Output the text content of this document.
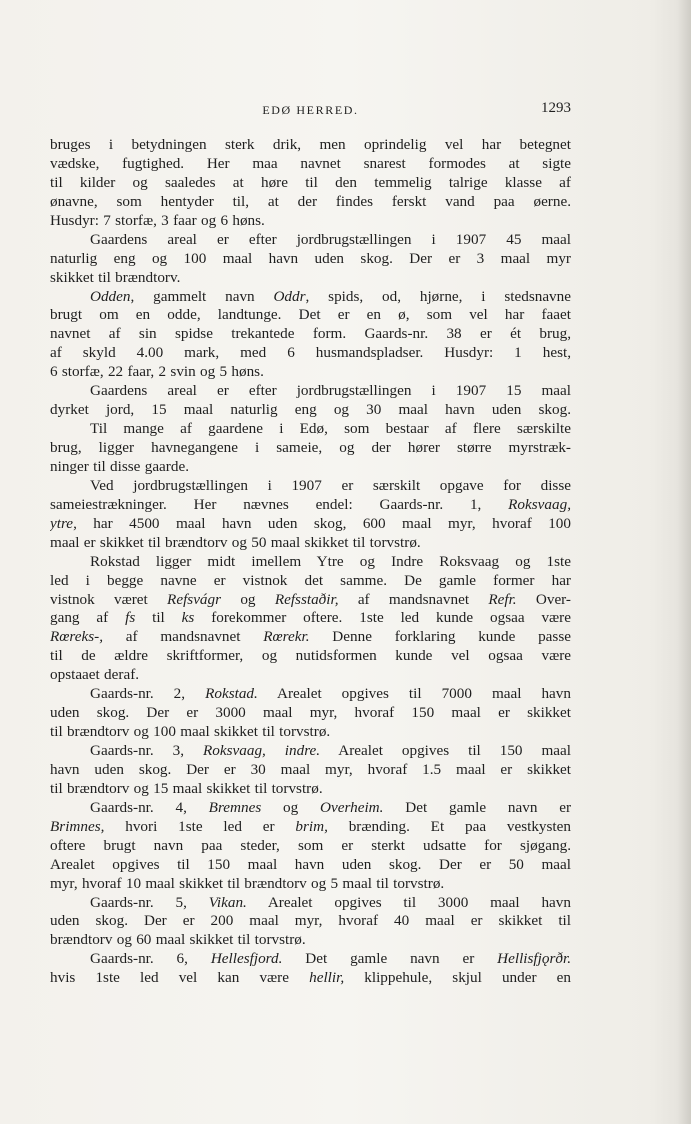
EDØ HERRED.	1293
bruges i betydningen sterk drik, men oprindelig vel har betegnet
vædske, fugtighed. Her maa navnet snarest formodes at sigte
til kilder og saaledes at høre til den temmelig talrige klasse af
ønavne, som hentyder til, at der findes ferskt vand paa øerne.
Husdyr: 7 storfæ, 3 faar og 6 høns.
Gaardens areal er efter jordbrugstællingen i 1907 45 maal
naturlig eng og 100 maal havn uden skog. Der er 3 maal myr
skikket til brændtorv.
Odden, gammelt navn Oddr, spids, od, hjørne, i stedsnavne
brugt om en odde, landtunge. Det er en ø, som vel har faaet
navnet af sin spidse trekantede form. Gaards-nr. 38 er ét brug,
af skyld 4.00 mark, med 6 husmandspladser. Husdyr: 1 hest,
6 storfæ, 22 faar, 2 svin og 5 høns.
Gaardens areal er efter jordbrugstællingen i 1907 15 maal
dyrket jord, 15 maal naturlig eng og 30 maal havn uden skog.
Til mange af gaardene i Edø, som bestaar af flere særskilte
brug, ligger havnegangene i sameie, og der hører større myrstræk-
ninger til disse gaarde.
Ved jordbrugstællingen i 1907 er særskilt opgave for disse
sameiestrækninger. Her nævnes endel: Gaards-nr. 1, Roksvaag,
ytre, har 4500 maal havn uden skog, 600 maal myr, hvoraf 100
maal er skikket til brændtorv og 50 maal skikket til torvstrø.
Rokstad ligger midt imellem Ytre og Indre Roksvaag og 1ste
led i begge navne er vistnok det samme. De gamle former har
vistnok været Refsvágr og Refsstaðir, af mandsnavnet Refr. Over-
gang af fs til ks forekommer oftere. 1ste led kunde ogsaa være
Rœreks-, af mandsnavnet Rœrekr. Denne forklaring kunde passe
til de ældre skriftformer, og nutidsformen kunde vel ogsaa være
opstaaet deraf.
Gaards-nr. 2, Rokstad. Arealet opgives til 7000 maal havn
uden skog. Der er 3000 maal myr, hvoraf 150 maal er skikket
til brændtorv og 100 maal skikket til torvstrø.
Gaards-nr. 3, Roksvaag, indre. Arealet opgives til 150 maal
havn uden skog. Der er 30 maal myr, hvoraf 1.5 maal er skikket
til brændtorv og 15 maal skikket til torvstrø.
Gaards-nr. 4, Bremnes og Overheim. Det gamle navn er
Brimnes, hvori 1ste led er brim, brænding. Et paa vestkysten
oftere brugt navn paa steder, som er sterkt udsatte for sjøgang.
Arealet opgives til 150 maal havn uden skog. Der er 50 maal
myr, hvoraf 10 maal skikket til brændtorv og 5 maal til torvstrø.
Gaards-nr. 5, Vikan. Arealet opgives til 3000 maal havn
uden skog. Der er 200 maal myr, hvoraf 40 maal er skikket til
brændtorv og 60 maal skikket til torvstrø.
Gaards-nr. 6, Hellesfjord. Det gamle navn er Hellisfjǫrðr.
hvis 1ste led vel kan være hellir, klippehule, skjul under en
